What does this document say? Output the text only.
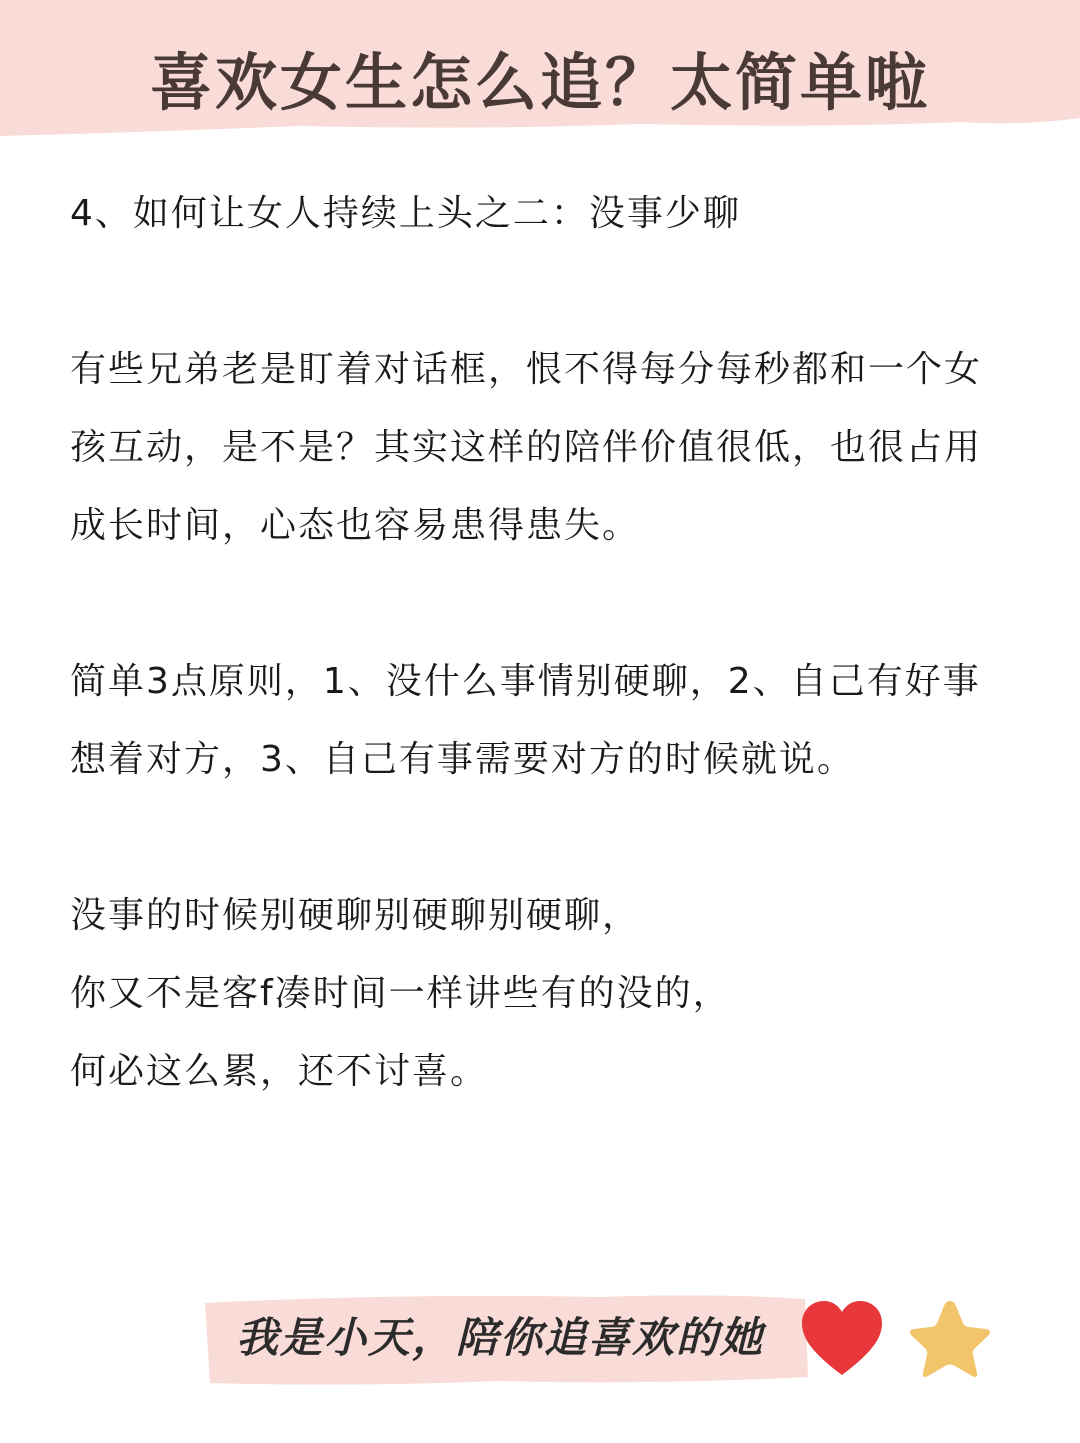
喜欢女生怎么追？太简单啦

4、如何让女人持续上头之二：没事少聊

有些兄弟老是盯着对话框，恨不得每分每秒都和一个女孩互动，是不是？其实这样的陪伴价值很低，也很占用成长时间，心态也容易患得患失。

简单3点原则，1、没什么事情别硬聊，2、自己有好事想着对方，3、自己有事需要对方的时候就说。

没事的时候别硬聊别硬聊别硬聊，

你又不是客f凑时间一样讲些有的没的，

何必这么累，还不讨喜。

我是小天，陪你追喜欢的她
